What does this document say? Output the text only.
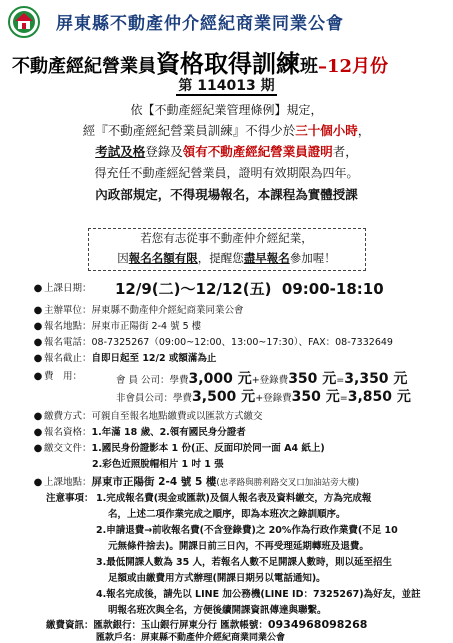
屏東縣不動產仲介經紀商業同業公會
不動產經紀營業員資格取得訓練班–12月份
第 114013 期
依【不動產經紀業管理條例】規定，
經『不動產經紀營業員訓練』不得少於三十個小時，
考試及格登錄及領有不動產經紀營業員證明者，
得充任不動產經紀營業員，證明有效期限為四年。
內政部規定，不得現場報名，本課程為實體授課
若您有志從事不動產仲介經紀業，
因報名名額有限，提醒您盡早報名參加喔！
● 上課日期： 12/9(二)～12/12(五) 09:00-18:10
● 主辦單位：屏東縣不動產仲介經紀商業同業公會
● 報名地點：屏東市正陽街 2-4 號 5 樓
● 報名電話：08-7325267（09:00~12:00、13:00~17:30）、FAX：08-7332649
● 報名截止：自即日起至 12/2 或額滿為止
● 費　用：	會 員 公司：學費3,000 元+登錄費350 元=3,350 元
非會員公司：學費3,500 元+登錄費350 元=3,850 元
● 繳費方式：可親自至報名地點繳費或以匯款方式繳交
● 報名資格：1.年滿 18 歲、2.領有國民身分證者
● 繳交文件：1.國民身份證影本 1 份(正、反面印於同一面 A4 紙上)
2.彩色近照脫帽相片 1 吋 1 張
● 上課地點：屏東市正陽街 2-4 號 5 樓(忠孝路與勝利路交叉口加油站旁大樓)
注意事項： 1.完成報名費(現金或匯款)及個人報名表及資料繳交，方為完成報
名，上述二項作業完成之順序，即為本班次之錄訓順序。
2.申請退費→前收報名費(不含登錄費)之 20%作為行政作業費(不足 10
元無條件捨去)。開課日前三日內，不再受理延期轉班及退費。
3.最低開課人數為 35 人，若報名人數不足開課人數時，則以延至招生
足額或由繳費用方式辦理(開課日期另以電話通知)。
4.報名完成後，請先以 LINE 加公務機(LINE ID：7325267)為好友，並註
明報名班次與全名，方便後續開課資訊傳達與聯繫。
繳費資訊：匯款銀行：玉山銀行屏東分行 匯款帳號：0934968098268
匯款戶名：屏東縣不動產仲介經紀商業同業公會
